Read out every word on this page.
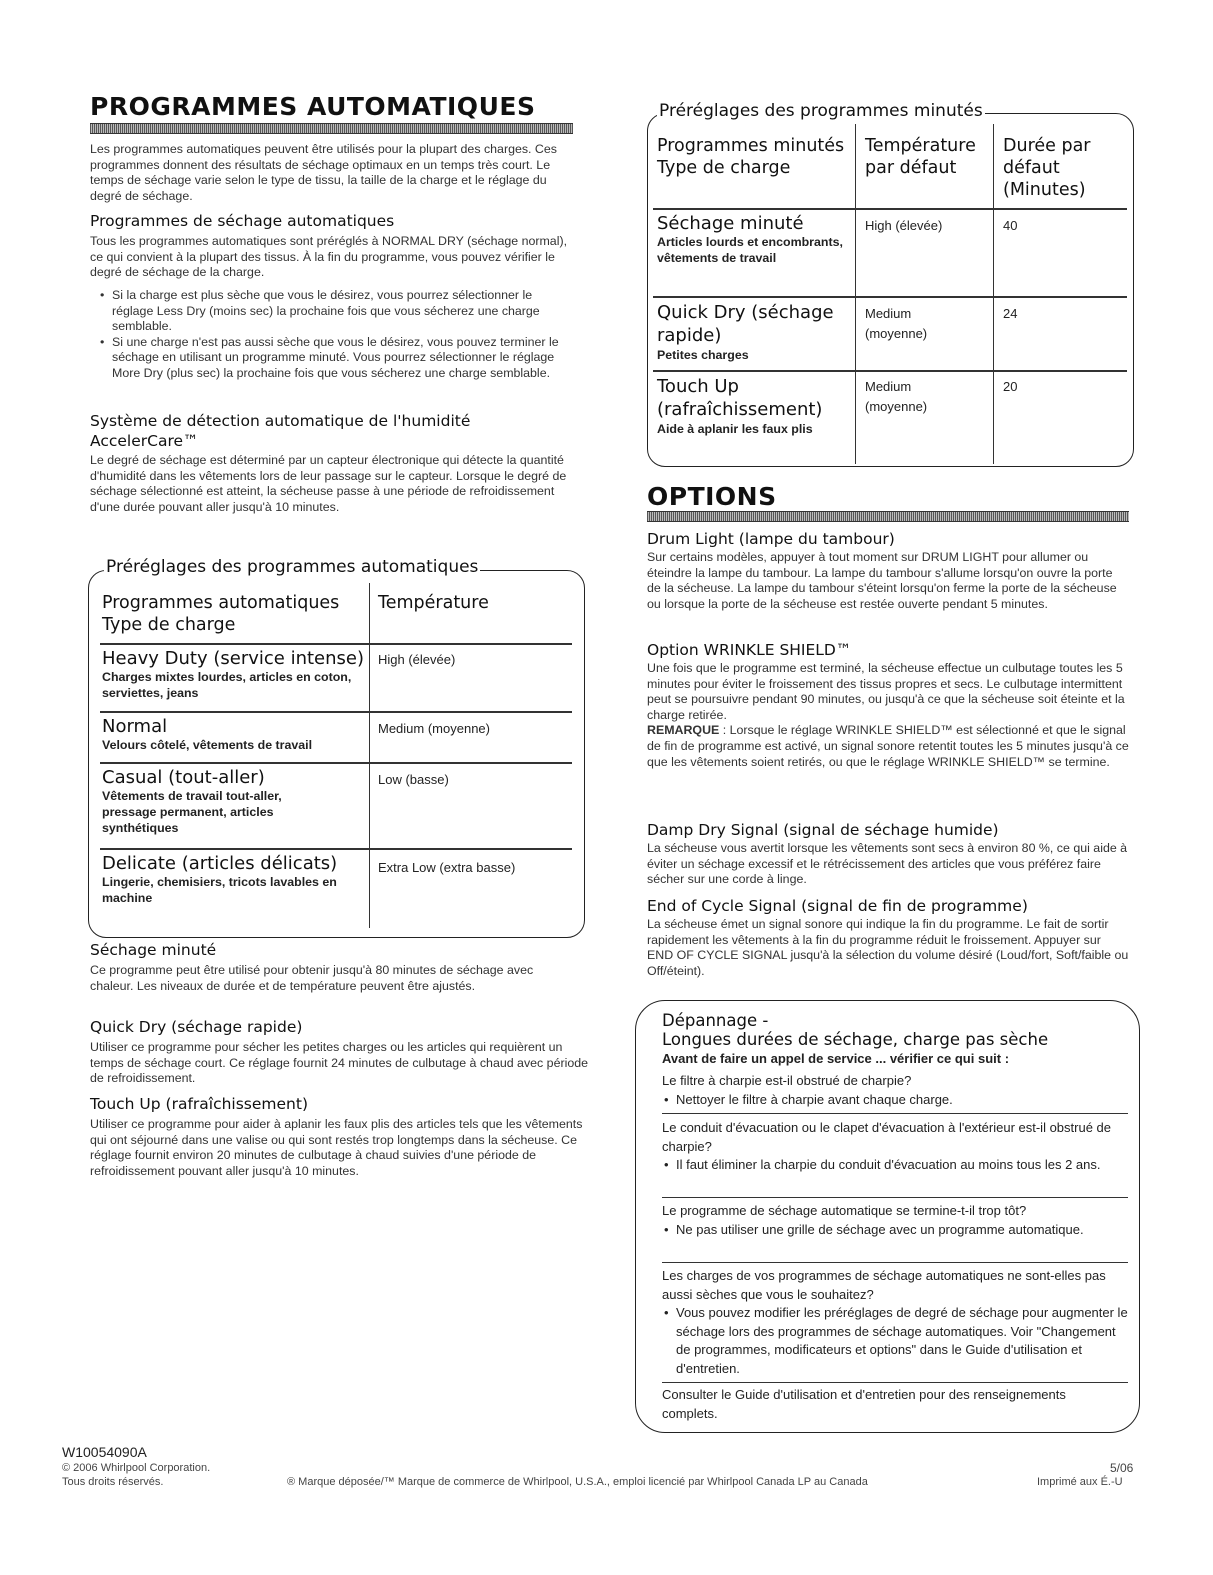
PROGRAMMES AUTOMATIQUES
Les programmes automatiques peuvent être utilisés pour la plupart des charges. Ces programmes donnent des résultats de séchage optimaux en un temps très court. Le temps de séchage varie selon le type de tissu, la taille de la charge et le réglage du degré de séchage.
Programmes de séchage automatiques
Tous les programmes automatiques sont préréglés à NORMAL DRY (séchage normal), ce qui convient à la plupart des tissus. À la fin du programme, vous pouvez vérifier le degré de séchage de la charge.
• Si la charge est plus sèche que vous le désirez, vous pourrez sélectionner le réglage Less Dry (moins sec) la prochaine fois que vous sécherez une charge semblable.
• Si une charge n'est pas aussi sèche que vous le désirez, vous pouvez terminer le séchage en utilisant un programme minuté. Vous pourrez sélectionner le réglage More Dry (plus sec) la prochaine fois que vous sécherez une charge semblable.
Système de détection automatique de l'humidité AccelerCare™
Le degré de séchage est déterminé par un capteur électronique qui détecte la quantité d'humidité dans les vêtements lors de leur passage sur le capteur. Lorsque le degré de séchage sélectionné est atteint, la sécheuse passe à une période de refroidissement d'une durée pouvant aller jusqu'à 10 minutes.
Préréglages des programmes automatiques
Programmes automatiques Type de charge
Température
Heavy Duty (service intense)
Charges mixtes lourdes, articles en coton, serviettes, jeans
High (élevée)
Normal
Velours côtelé, vêtements de travail
Medium (moyenne)
Casual (tout-aller)
Vêtements de travail tout-aller, pressage permanent, articles synthétiques
Low (basse)
Delicate (articles délicats)
Lingerie, chemisiers, tricots lavables en machine
Extra Low (extra basse)
Séchage minuté
Ce programme peut être utilisé pour obtenir jusqu'à 80 minutes de séchage avec chaleur. Les niveaux de durée et de température peuvent être ajustés.
Quick Dry (séchage rapide)
Utiliser ce programme pour sécher les petites charges ou les articles qui requièrent un temps de séchage court. Ce réglage fournit 24 minutes de culbutage à chaud avec période de refroidissement.
Touch Up (rafraîchissement)
Utiliser ce programme pour aider à aplanir les faux plis des articles tels que les vêtements qui ont séjourné dans une valise ou qui sont restés trop longtemps dans la sécheuse. Ce réglage fournit environ 20 minutes de culbutage à chaud suivies d'une période de refroidissement pouvant aller jusqu'à 10 minutes.
Préréglages des programmes minutés
Programmes minutés Type de charge
Température par défaut
Durée par défaut (Minutes)
Séchage minuté
Articles lourds et encombrants, vêtements de travail
High (élevée)	40
Quick Dry (séchage rapide)
Petites charges
Medium (moyenne)
24
Touch Up (rafraîchissement)
Aide à aplanir les faux plis
Medium (moyenne)
20
OPTIONS
Drum Light (lampe du tambour)
Sur certains modèles, appuyer à tout moment sur DRUM LIGHT pour allumer ou éteindre la lampe du tambour. La lampe du tambour s'allume lorsqu'on ouvre la porte de la sécheuse. La lampe du tambour s'éteint lorsqu'on ferme la porte de la sécheuse ou lorsque la porte de la sécheuse est restée ouverte pendant 5 minutes.
Option WRINKLE SHIELD™
Une fois que le programme est terminé, la sécheuse effectue un culbutage toutes les 5 minutes pour éviter le froissement des tissus propres et secs. Le culbutage intermittent peut se poursuivre pendant 90 minutes, ou jusqu'à ce que la sécheuse soit éteinte et la charge retirée.
REMARQUE : Lorsque le réglage WRINKLE SHIELD™ est sélectionné et que le signal de fin de programme est activé, un signal sonore retentit toutes les 5 minutes jusqu'à ce que les vêtements soient retirés, ou que le réglage WRINKLE SHIELD™ se termine.
Damp Dry Signal (signal de séchage humide)
La sécheuse vous avertit lorsque les vêtements sont secs à environ 80 %, ce qui aide à éviter un séchage excessif et le rétrécissement des articles que vous préférez faire sécher sur une corde à linge.
End of Cycle Signal (signal de fin de programme)
La sécheuse émet un signal sonore qui indique la fin du programme. Le fait de sortir rapidement les vêtements à la fin du programme réduit le froissement. Appuyer sur END OF CYCLE SIGNAL jusqu'à la sélection du volume désiré (Loud/fort, Soft/faible ou Off/éteint).
Dépannage -
Longues durées de séchage, charge pas sèche
Avant de faire un appel de service ... vérifier ce qui suit :
Le filtre à charpie est-il obstrué de charpie?
• Nettoyer le filtre à charpie avant chaque charge.
Le conduit d'évacuation ou le clapet d'évacuation à l'extérieur est-il obstrué de charpie?
• Il faut éliminer la charpie du conduit d'évacuation au moins tous les 2 ans.
Le programme de séchage automatique se termine-t-il trop tôt?
• Ne pas utiliser une grille de séchage avec un programme automatique.
Les charges de vos programmes de séchage automatiques ne sont-elles pas aussi sèches que vous le souhaitez?
• Vous pouvez modifier les préréglages de degré de séchage pour augmenter le séchage lors des programmes de séchage automatiques. Voir "Changement de programmes, modificateurs et options" dans le Guide d'utilisation et d'entretien.
Consulter le Guide d'utilisation et d'entretien pour des renseignements complets.
W10054090A
© 2006 Whirlpool Corporation.
Tous droits réservés.	® Marque déposée/™ Marque de commerce de Whirlpool, U.S.A., emploi licencié par Whirlpool Canada LP au Canada
5/06
Imprimé aux É.-U
